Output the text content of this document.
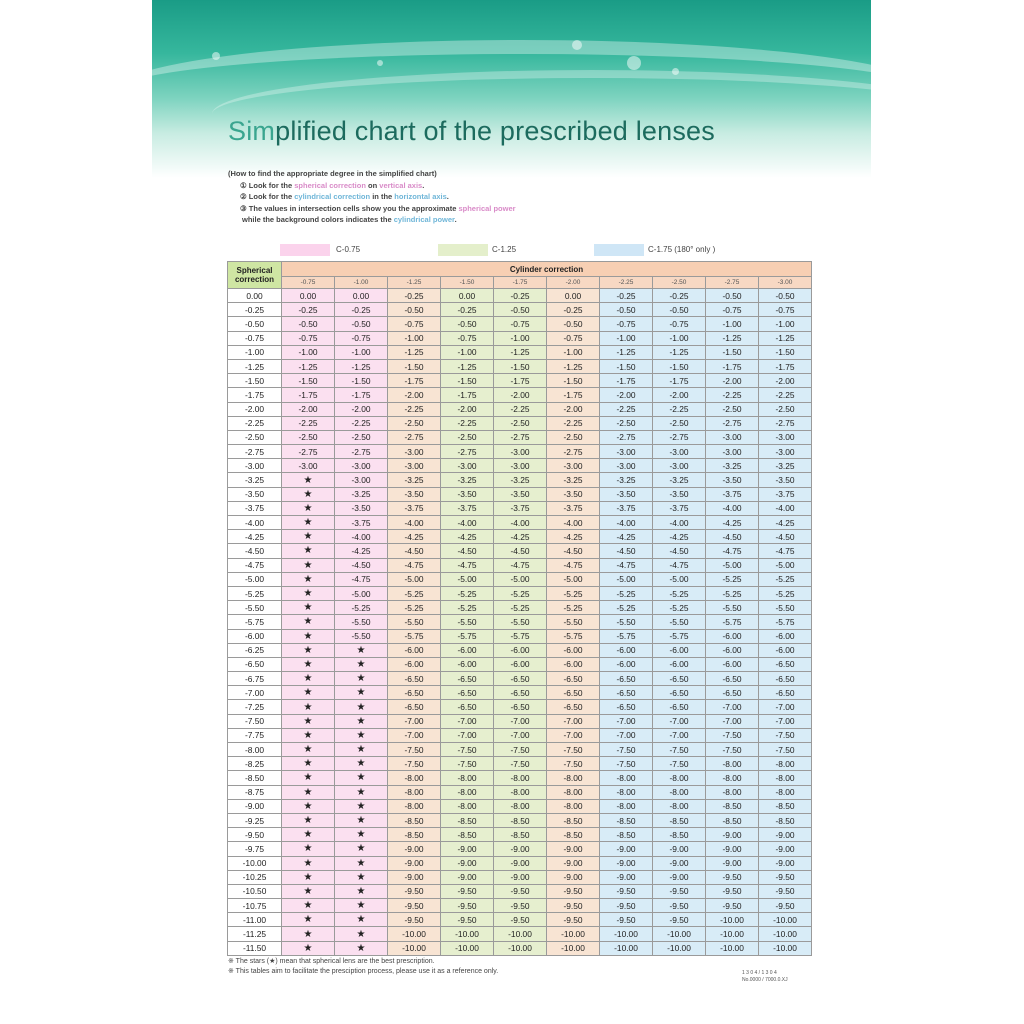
Simplified chart of the prescribed lenses
(How to find the appropriate degree in the simplified chart)
① Look for the spherical correction on vertical axis.
② Look for the cylindrical correction in the horizontal axis.
③ The values in intersection cells show you the approximate spherical power
while the background colors indicates the cylindrical power.
C-0.75	C-1.25	C-1.75 (180° only )
Spherical
correction	Cylinder correction									
	-0.75	-1.00	-1.25	-1.50	-1.75	-2.00	-2.25	-2.50	-2.75	-3.00
0.00	0.00	0.00	-0.25	0.00	-0.25	0.00	-0.25	-0.25	-0.50	-0.50
-0.25	-0.25	-0.25	-0.50	-0.25	-0.50	-0.25	-0.50	-0.50	-0.75	-0.75
-0.50	-0.50	-0.50	-0.75	-0.50	-0.75	-0.50	-0.75	-0.75	-1.00	-1.00
-0.75	-0.75	-0.75	-1.00	-0.75	-1.00	-0.75	-1.00	-1.00	-1.25	-1.25
-1.00	-1.00	-1.00	-1.25	-1.00	-1.25	-1.00	-1.25	-1.25	-1.50	-1.50
-1.25	-1.25	-1.25	-1.50	-1.25	-1.50	-1.25	-1.50	-1.50	-1.75	-1.75
-1.50	-1.50	-1.50	-1.75	-1.50	-1.75	-1.50	-1.75	-1.75	-2.00	-2.00
-1.75	-1.75	-1.75	-2.00	-1.75	-2.00	-1.75	-2.00	-2.00	-2.25	-2.25
-2.00	-2.00	-2.00	-2.25	-2.00	-2.25	-2.00	-2.25	-2.25	-2.50	-2.50
-2.25	-2.25	-2.25	-2.50	-2.25	-2.50	-2.25	-2.50	-2.50	-2.75	-2.75
-2.50	-2.50	-2.50	-2.75	-2.50	-2.75	-2.50	-2.75	-2.75	-3.00	-3.00
-2.75	-2.75	-2.75	-3.00	-2.75	-3.00	-2.75	-3.00	-3.00	-3.00	-3.00
-3.00	-3.00	-3.00	-3.00	-3.00	-3.00	-3.00	-3.00	-3.00	-3.25	-3.25
-3.25	★	-3.00	-3.25	-3.25	-3.25	-3.25	-3.25	-3.25	-3.50	-3.50
-3.50	★	-3.25	-3.50	-3.50	-3.50	-3.50	-3.50	-3.50	-3.75	-3.75
-3.75	★	-3.50	-3.75	-3.75	-3.75	-3.75	-3.75	-3.75	-4.00	-4.00
-4.00	★	-3.75	-4.00	-4.00	-4.00	-4.00	-4.00	-4.00	-4.25	-4.25
-4.25	★	-4.00	-4.25	-4.25	-4.25	-4.25	-4.25	-4.25	-4.50	-4.50
-4.50	★	-4.25	-4.50	-4.50	-4.50	-4.50	-4.50	-4.50	-4.75	-4.75
-4.75	★	-4.50	-4.75	-4.75	-4.75	-4.75	-4.75	-4.75	-5.00	-5.00
-5.00	★	-4.75	-5.00	-5.00	-5.00	-5.00	-5.00	-5.00	-5.25	-5.25
-5.25	★	-5.00	-5.25	-5.25	-5.25	-5.25	-5.25	-5.25	-5.25	-5.25
-5.50	★	-5.25	-5.25	-5.25	-5.25	-5.25	-5.25	-5.25	-5.50	-5.50
-5.75	★	-5.50	-5.50	-5.50	-5.50	-5.50	-5.50	-5.50	-5.75	-5.75
-6.00	★	-5.50	-5.75	-5.75	-5.75	-5.75	-5.75	-5.75	-6.00	-6.00
-6.25	★	★	-6.00	-6.00	-6.00	-6.00	-6.00	-6.00	-6.00	-6.00
-6.50	★	★	-6.00	-6.00	-6.00	-6.00	-6.00	-6.00	-6.00	-6.50
-6.75	★	★	-6.50	-6.50	-6.50	-6.50	-6.50	-6.50	-6.50	-6.50
-7.00	★	★	-6.50	-6.50	-6.50	-6.50	-6.50	-6.50	-6.50	-6.50
-7.25	★	★	-6.50	-6.50	-6.50	-6.50	-6.50	-6.50	-7.00	-7.00
-7.50	★	★	-7.00	-7.00	-7.00	-7.00	-7.00	-7.00	-7.00	-7.00
-7.75	★	★	-7.00	-7.00	-7.00	-7.00	-7.00	-7.00	-7.50	-7.50
-8.00	★	★	-7.50	-7.50	-7.50	-7.50	-7.50	-7.50	-7.50	-7.50
-8.25	★	★	-7.50	-7.50	-7.50	-7.50	-7.50	-7.50	-8.00	-8.00
-8.50	★	★	-8.00	-8.00	-8.00	-8.00	-8.00	-8.00	-8.00	-8.00
-8.75	★	★	-8.00	-8.00	-8.00	-8.00	-8.00	-8.00	-8.00	-8.00
-9.00	★	★	-8.00	-8.00	-8.00	-8.00	-8.00	-8.00	-8.50	-8.50
-9.25	★	★	-8.50	-8.50	-8.50	-8.50	-8.50	-8.50	-8.50	-8.50
-9.50	★	★	-8.50	-8.50	-8.50	-8.50	-8.50	-8.50	-9.00	-9.00
-9.75	★	★	-9.00	-9.00	-9.00	-9.00	-9.00	-9.00	-9.00	-9.00
-10.00	★	★	-9.00	-9.00	-9.00	-9.00	-9.00	-9.00	-9.00	-9.00
-10.25	★	★	-9.00	-9.00	-9.00	-9.00	-9.00	-9.00	-9.50	-9.50
-10.50	★	★	-9.50	-9.50	-9.50	-9.50	-9.50	-9.50	-9.50	-9.50
-10.75	★	★	-9.50	-9.50	-9.50	-9.50	-9.50	-9.50	-9.50	-9.50
-11.00	★	★	-9.50	-9.50	-9.50	-9.50	-9.50	-9.50	-10.00	-10.00
-11.25	★	★	-10.00	-10.00	-10.00	-10.00	-10.00	-10.00	-10.00	-10.00
-11.50	★	★	-10.00	-10.00	-10.00	-10.00	-10.00	-10.00	-10.00	-10.00
※ The stars (★) mean that spherical lens are the best prescription.
※ This tables aim to facilitate the presciption process, please use it as a reference only.	1 3 0 4 / 1 3 0 4
No.0000 / 7000.0.XJ
